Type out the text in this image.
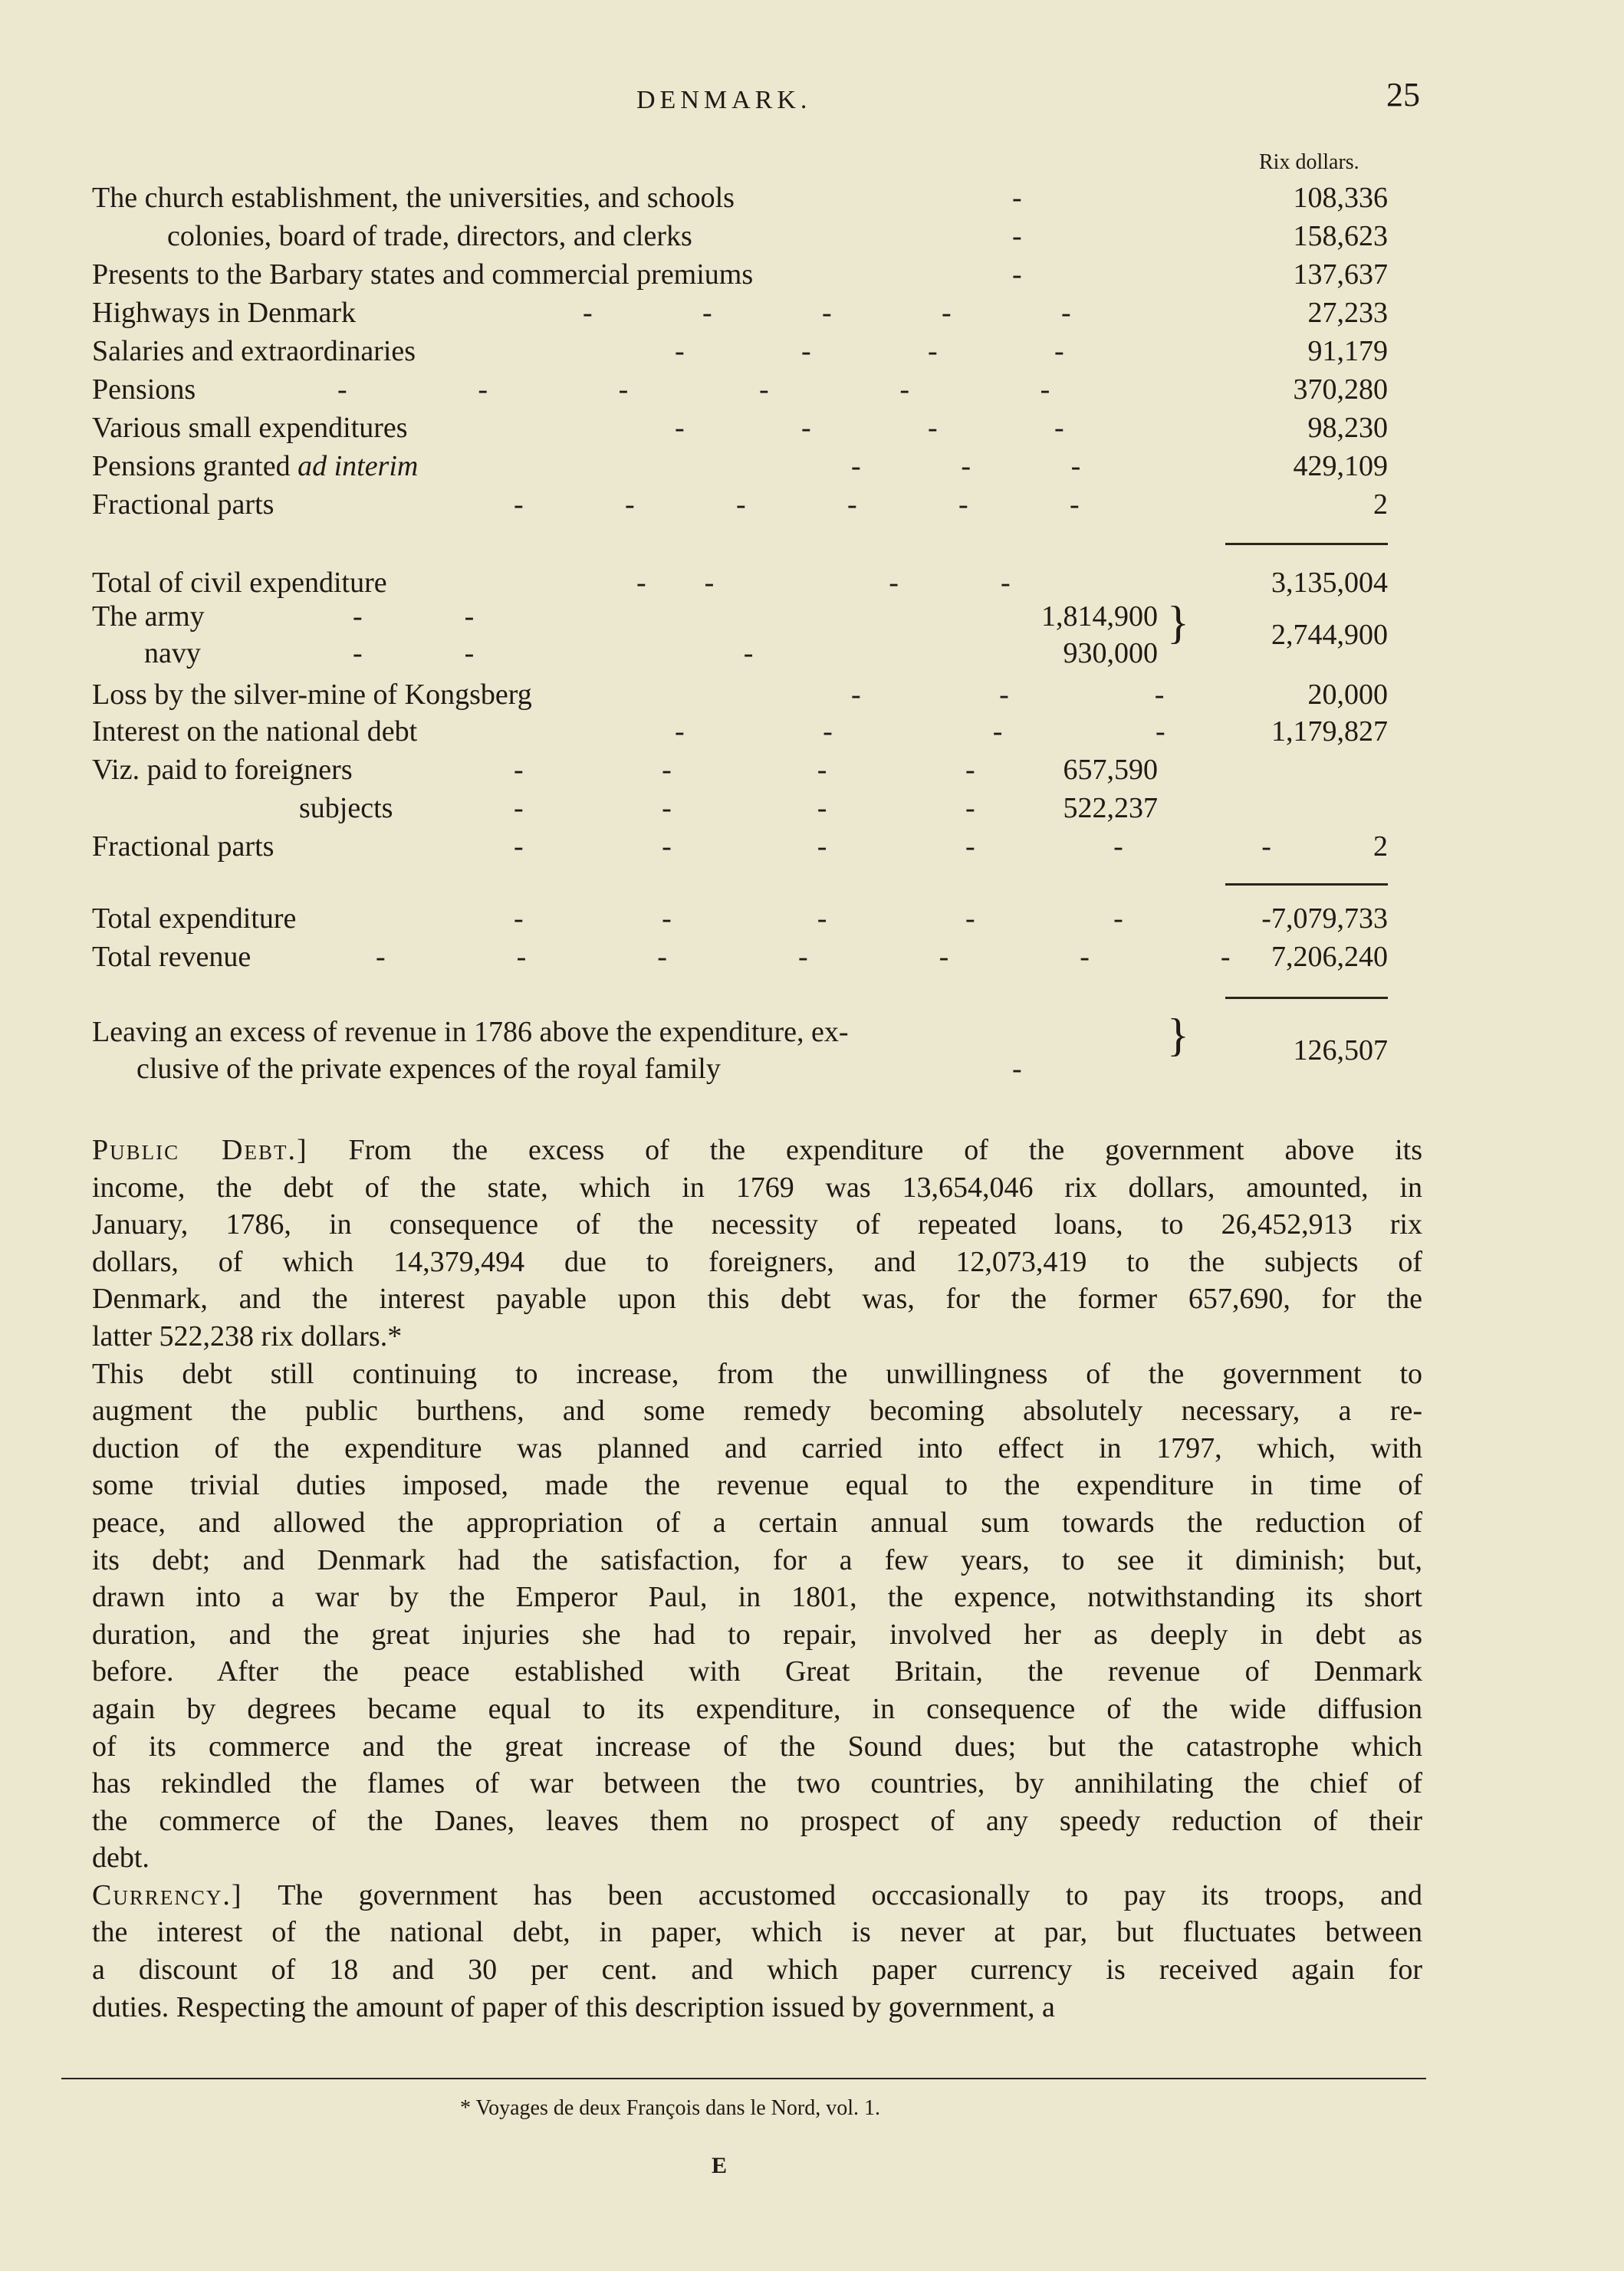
DENMARK.	25
Rix dollars.
The church establishment, the universities, and schools	-	108,336
colonies, board of trade, directors, and clerks	-	158,623
Presents to the Barbary states and commercial premiums	-	137,637
Highways in Denmark	-	-	-	-	-	27,233
Salaries and extraordinaries	-	-	-	-	91,179
Pensions	-	-	-	-	-	-	370,280
Various small expenditures	-	-	-	-	98,230
Pensions granted ad interim	-	-	-	429,109
Fractional parts	-	-	-	-	-	-	2
Total of civil expenditure	-        -                        -              -	3,135,004
The army	-              -	1,814,900
navy	-              -                                     -	930,000
}	2,744,900
Loss by the silver-mine of Kongsberg	-                   -                    -	20,000
Interest on the national debt	-                   -                      -                     -	1,179,827
Viz. paid to foreigners	-                   -                    -                   -	657,590
subjects	-                   -                    -                   -	522,237
Fractional parts	-                   -                    -                   -                   -                   -	2
Total expenditure	-                   -                    -                   -                   -                   - 7,079,733
Total revenue	-                  -                  -                  -                  -                  -                  -	7,206,240
Leaving an excess of revenue in 1786 above the expenditure, ex-
clusive of the private expences of the royal family	-
}	126,507
Public Debt.] From the excess of the expenditure of the government above its
income, the debt of the state, which in 1769 was 13,654,046 rix dollars, amounted, in
January, 1786, in consequence of the necessity of repeated loans, to 26,452,913 rix
dollars, of which 14,379,494 due to foreigners, and 12,073,419 to the subjects of
Denmark, and the interest payable upon this debt was, for the former 657,690, for the
latter 522,238 rix dollars.*
This debt still continuing to increase, from the unwillingness of the government to
augment the public burthens, and some remedy becoming absolutely necessary, a re-
duction of the expenditure was planned and carried into effect in 1797, which, with
some trivial duties imposed, made the revenue equal to the expenditure in time of
peace, and allowed the appropriation of a certain annual sum towards the reduction of
its debt; and Denmark had the satisfaction, for a few years, to see it diminish; but,
drawn into a war by the Emperor Paul, in 1801, the expence, notwithstanding its short
duration, and the great injuries she had to repair, involved her as deeply in debt as
before. After the peace established with Great Britain, the revenue of Denmark
again by degrees became equal to its expenditure, in consequence of the wide diffusion
of its commerce and the great increase of the Sound dues; but the catastrophe which
has rekindled the flames of war between the two countries, by annihilating the chief of
the commerce of the Danes, leaves them no prospect of any speedy reduction of their
debt.
Currency.] The government has been accustomed occcasionally to pay its troops, and
the interest of the national debt, in paper, which is never at par, but fluctuates between
a discount of 18 and 30 per cent. and which paper currency is received again for
duties. Respecting the amount of paper of this description issued by government, a
* Voyages de deux François dans le Nord, vol. 1.
E
